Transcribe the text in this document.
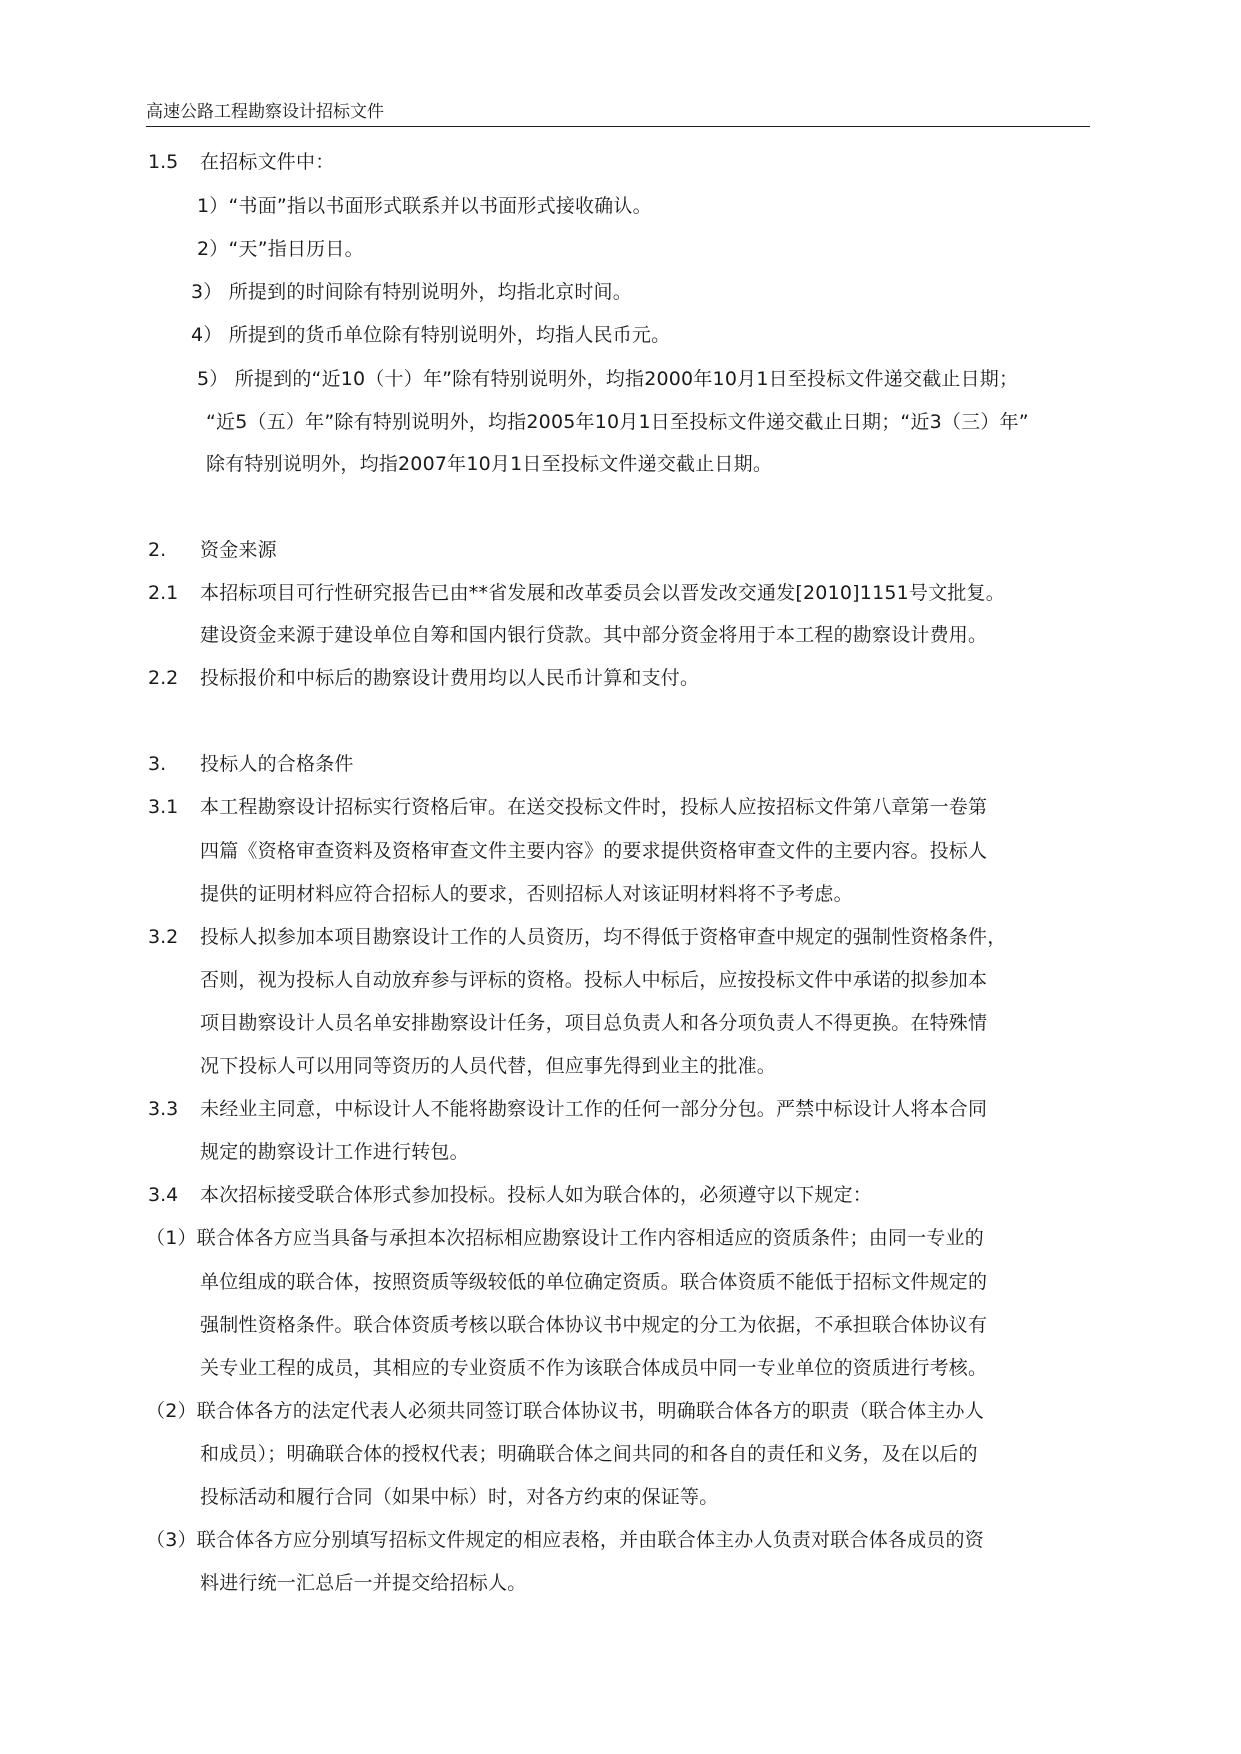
高速公路工程勘察设计招标文件
1.5 在招标文件中：
1）“书面”指以书面形式联系并以书面形式接收确认。
2）“天”指日历日。
3） 所提到的时间除有特别说明外，均指北京时间。
4） 所提到的货币单位除有特别说明外，均指人民币元。
5） 所提到的“近10（十）年”除有特别说明外，均指2000年10月1日至投标文件递交截止日期；
“近5（五）年”除有特别说明外，均指2005年10月1日至投标文件递交截止日期；“近3（三）年”
除有特别说明外，均指2007年10月1日至投标文件递交截止日期。
2. 资金来源
2.1 本招标项目可行性研究报告已由**省发展和改革委员会以晋发改交通发[2010]1151号文批复。
建设资金来源于建设单位自筹和国内银行贷款。其中部分资金将用于本工程的勘察设计费用。
2.2 投标报价和中标后的勘察设计费用均以人民币计算和支付。
3. 投标人的合格条件
3.1 本工程勘察设计招标实行资格后审。在送交投标文件时，投标人应按招标文件第八章第一卷第
四篇《资格审查资料及资格审查文件主要内容》的要求提供资格审查文件的主要内容。投标人
提供的证明材料应符合招标人的要求，否则招标人对该证明材料将不予考虑。
3.2 投标人拟参加本项目勘察设计工作的人员资历，均不得低于资格审查中规定的强制性资格条件，
否则，视为投标人自动放弃参与评标的资格。投标人中标后，应按投标文件中承诺的拟参加本
项目勘察设计人员名单安排勘察设计任务，项目总负责人和各分项负责人不得更换。在特殊情
况下投标人可以用同等资历的人员代替，但应事先得到业主的批准。
3.3 未经业主同意，中标设计人不能将勘察设计工作的任何一部分分包。严禁中标设计人将本合同
规定的勘察设计工作进行转包。
3.4 本次招标接受联合体形式参加投标。投标人如为联合体的，必须遵守以下规定：
（1）联合体各方应当具备与承担本次招标相应勘察设计工作内容相适应的资质条件；由同一专业的
单位组成的联合体，按照资质等级较低的单位确定资质。联合体资质不能低于招标文件规定的
强制性资格条件。联合体资质考核以联合体协议书中规定的分工为依据，不承担联合体协议有
关专业工程的成员，其相应的专业资质不作为该联合体成员中同一专业单位的资质进行考核。
（2）联合体各方的法定代表人必须共同签订联合体协议书，明确联合体各方的职责（联合体主办人
和成员）；明确联合体的授权代表；明确联合体之间共同的和各自的责任和义务，及在以后的
投标活动和履行合同（如果中标）时，对各方约束的保证等。
（3）联合体各方应分别填写招标文件规定的相应表格，并由联合体主办人负责对联合体各成员的资
料进行统一汇总后一并提交给招标人。
